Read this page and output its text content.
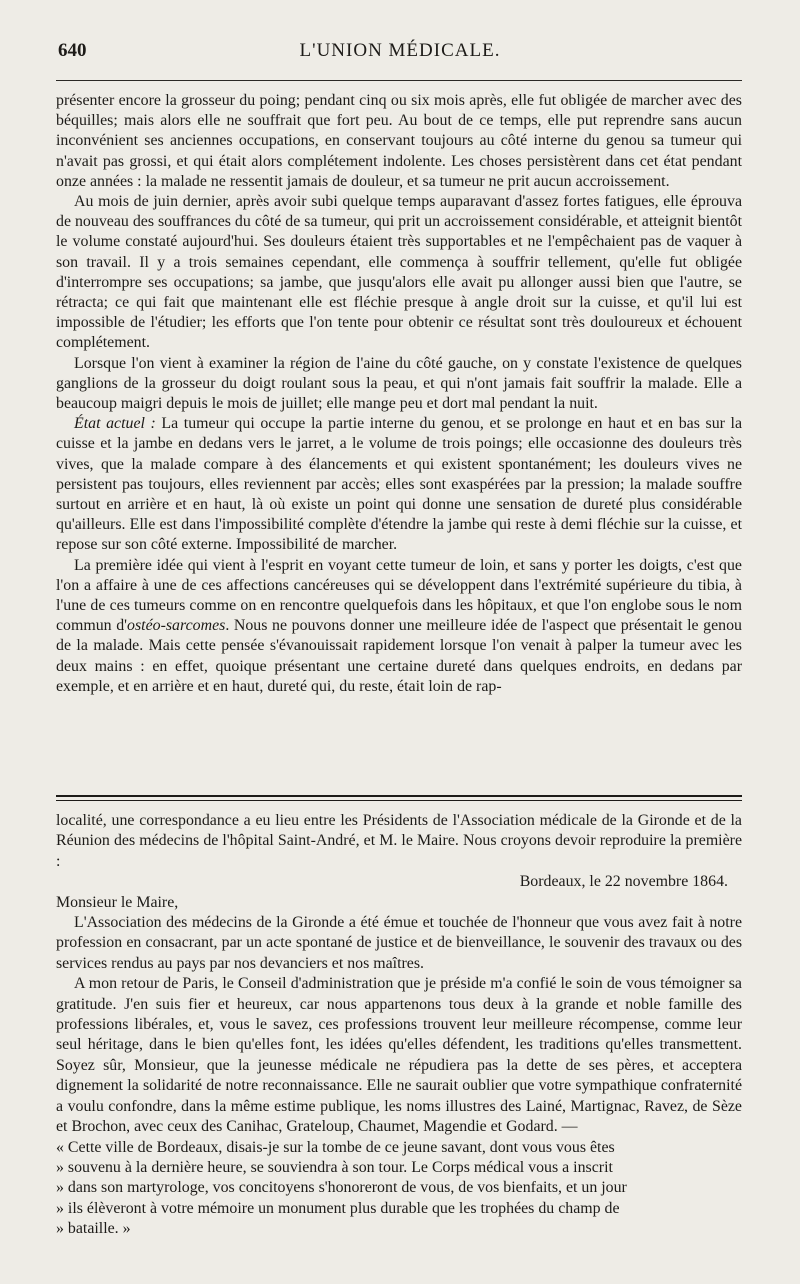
640	L'UNION MÉDICALE.

présenter encore la grosseur du poing; pendant cinq ou six mois après, elle fut obligée de marcher avec des béquilles; mais alors elle ne souffrait que fort peu. Au bout de ce temps, elle put reprendre sans aucun inconvénient ses anciennes occupations, en conservant toujours au côté interne du genou sa tumeur qui n'avait pas grossi, et qui était alors complétement indolente. Les choses persistèrent dans cet état pendant onze années : la malade ne ressentit jamais de douleur, et sa tumeur ne prit aucun accroissement.

Au mois de juin dernier, après avoir subi quelque temps auparavant d'assez fortes fatigues, elle éprouva de nouveau des souffrances du côté de sa tumeur, qui prit un accroissement considérable, et atteignit bientôt le volume constaté aujourd'hui. Ses douleurs étaient très supportables et ne l'empêchaient pas de vaquer à son travail. Il y a trois semaines cependant, elle commença à souffrir tellement, qu'elle fut obligée d'interrompre ses occupations; sa jambe, que jusqu'alors elle avait pu allonger aussi bien que l'autre, se rétracta; ce qui fait que maintenant elle est fléchie presque à angle droit sur la cuisse, et qu'il lui est impossible de l'étudier; les efforts que l'on tente pour obtenir ce résultat sont très douloureux et échouent complétement.

Lorsque l'on vient à examiner la région de l'aine du côté gauche, on y constate l'existence de quelques ganglions de la grosseur du doigt roulant sous la peau, et qui n'ont jamais fait souffrir la malade. Elle a beaucoup maigri depuis le mois de juillet; elle mange peu et dort mal pendant la nuit.

État actuel : La tumeur qui occupe la partie interne du genou, et se prolonge en haut et en bas sur la cuisse et la jambe en dedans vers le jarret, a le volume de trois poings; elle occasionne des douleurs très vives, que la malade compare à des élancements et qui existent spontanément; les douleurs vives ne persistent pas toujours, elles reviennent par accès; elles sont exaspérées par la pression; la malade souffre surtout en arrière et en haut, là où existe un point qui donne une sensation de dureté plus considérable qu'ailleurs. Elle est dans l'impossibilité complète d'étendre la jambe qui reste à demi fléchie sur la cuisse, et repose sur son côté externe. Impossibilité de marcher.

La première idée qui vient à l'esprit en voyant cette tumeur de loin, et sans y porter les doigts, c'est que l'on a affaire à une de ces affections cancéreuses qui se développent dans l'extrémité supérieure du tibia, à l'une de ces tumeurs comme on en rencontre quelquefois dans les hôpitaux, et que l'on englobe sous le nom commun d'ostéo-sarcomes. Nous ne pouvons donner une meilleure idée de l'aspect que présentait le genou de la malade. Mais cette pensée s'évanouissait rapidement lorsque l'on venait à palper la tumeur avec les deux mains : en effet, quoique présentant une certaine dureté dans quelques endroits, en dedans par exemple, et en arrière et en haut, dureté qui, du reste, était loin de rap-

localité, une correspondance a eu lieu entre les Présidents de l'Association médicale de la Gironde et de la Réunion des médecins de l'hôpital Saint-André, et M. le Maire. Nous croyons devoir reproduire la première :

Bordeaux, le 22 novembre 1864.

Monsieur le Maire,

L'Association des médecins de la Gironde a été émue et touchée de l'honneur que vous avez fait à notre profession en consacrant, par un acte spontané de justice et de bienveillance, le souvenir des travaux ou des services rendus au pays par nos devanciers et nos maîtres.

A mon retour de Paris, le Conseil d'administration que je préside m'a confié le soin de vous témoigner sa gratitude. J'en suis fier et heureux, car nous appartenons tous deux à la grande et noble famille des professions libérales, et, vous le savez, ces professions trouvent leur meilleure récompense, comme leur seul héritage, dans le bien qu'elles font, les idées qu'elles défendent, les traditions qu'elles transmettent. Soyez sûr, Monsieur, que la jeunesse médicale ne répudiera pas la dette de ses pères, et acceptera dignement la solidarité de notre reconnaissance. Elle ne saurait oublier que votre sympathique confraternité a voulu confondre, dans la même estime publique, les noms illustres des Lainé, Martignac, Ravez, de Sèze et Brochon, avec ceux des Canihac, Grateloup, Chaumet, Magendie et Godard. —

« Cette ville de Bordeaux, disais-je sur la tombe de ce jeune savant, dont vous vous êtes

» souvenu à la dernière heure, se souviendra à son tour. Le Corps médical vous a inscrit

» dans son martyrologe, vos concitoyens s'honoreront de vous, de vos bienfaits, et un jour

» ils élèveront à votre mémoire un monument plus durable que les trophées du champ de

» bataille. »
